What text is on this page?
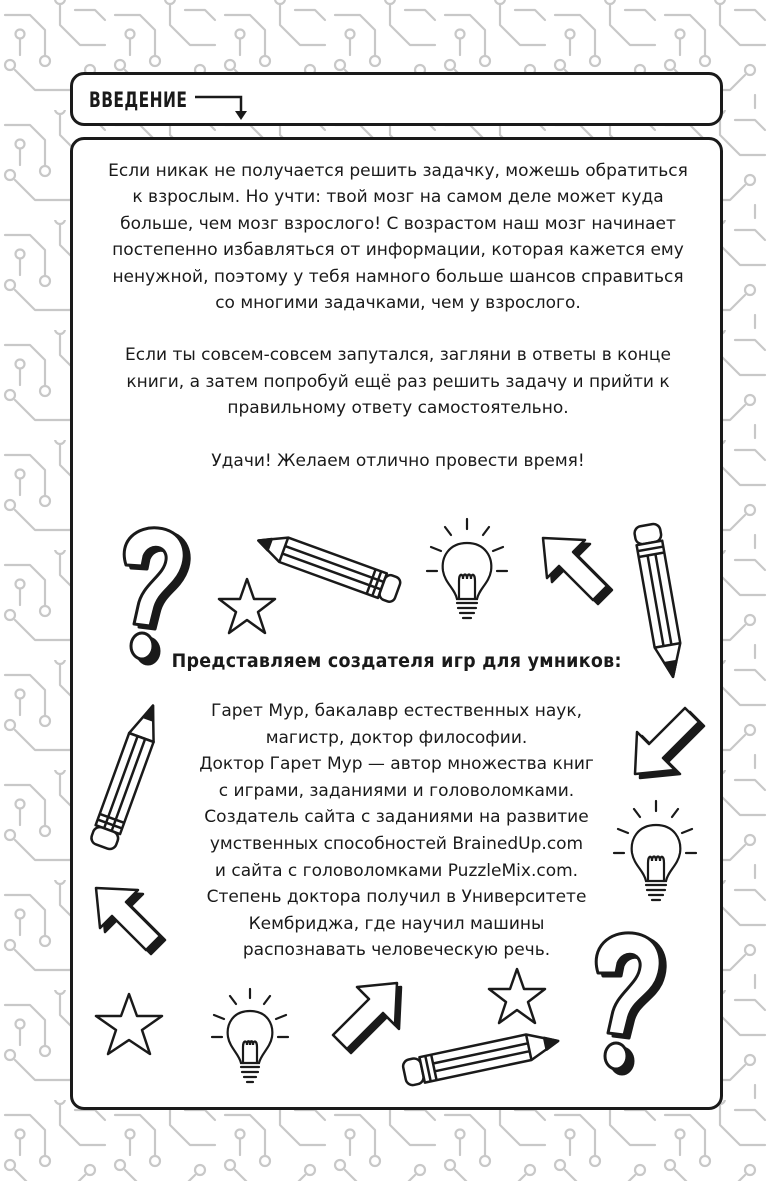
ВВЕДЕНИЕ

Если никак не получается решить задачку, можешь обратиться к взрослым. Но учти: твой мозг на самом деле может куда больше, чем мозг взрослого! С возрастом наш мозг начинает постепенно избавляться от информации, которая кажется ему ненужной, поэтому у тебя намного больше шансов справиться со многими задачками, чем у взрослого.

Если ты совсем-совсем запутался, загляни в ответы в конце книги, а затем попробуй ещё раз решить задачу и прийти к правильному ответу самостоятельно.

Удачи! Желаем отлично провести время!

Представляем создателя игр для умников:

Гарет Мур, бакалавр естественных наук,

магистр, доктор философии.

Доктор Гарет Мур — автор множества книг

с играми, заданиями и головоломками.

Создатель сайта с заданиями на развитие

умственных способностей BrainedUp.com

и сайта с головоломками PuzzleMix.com.

Степень доктора получил в Университете

Кембриджа, где научил машины

распознавать человеческую речь.
